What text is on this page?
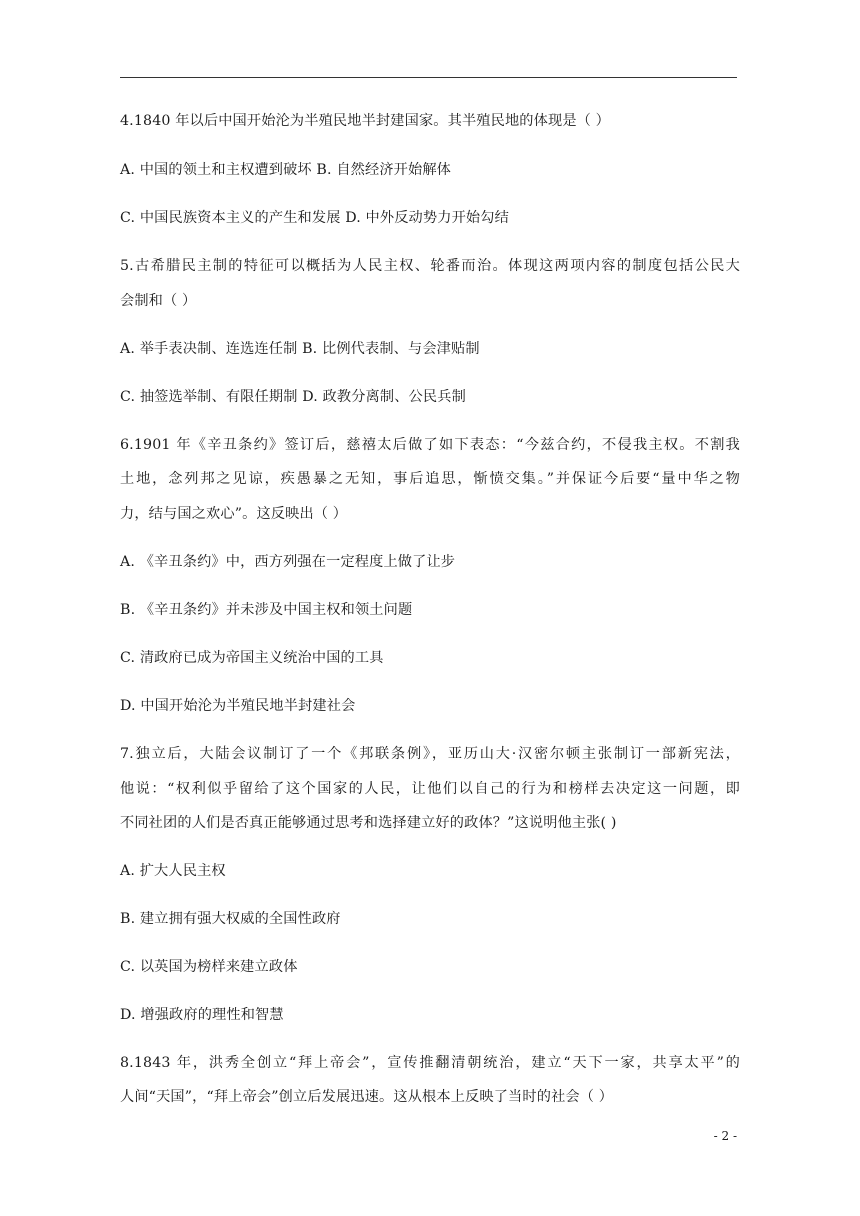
4.1840 年以后中国开始沦为半殖民地半封建国家。其半殖民地的体现是（ ）
A. 中国的领土和主权遭到破坏 B. 自然经济开始解体
C. 中国民族资本主义的产生和发展 D. 中外反动势力开始勾结
5.古希腊民主制的特征可以概括为人民主权、轮番而治。体现这两项内容的制度包括公民大
会制和（ ）
A. 举手表决制、连选连任制 B. 比例代表制、与会津贴制
C. 抽签选举制、有限任期制 D. 政教分离制、公民兵制
6.1901 年《辛丑条约》签订后，慈禧太后做了如下表态：“今兹合约，不侵我主权。不割我
土地，念列邦之见谅，疾愚暴之无知，事后追思，惭愤交集。”并保证今后要“量中华之物
力，结与国之欢心”。这反映出（ ）
A. 《辛丑条约》中，西方列强在一定程度上做了让步
B. 《辛丑条约》并未涉及中国主权和领土问题
C. 清政府已成为帝国主义统治中国的工具
D. 中国开始沦为半殖民地半封建社会
7.独立后，大陆会议制订了一个《邦联条例》，亚历山大·汉密尔顿主张制订一部新宪法，
他说：“权利似乎留给了这个国家的人民，让他们以自己的行为和榜样去决定这一问题，即
不同社团的人们是否真正能够通过思考和选择建立好的政体？”这说明他主张( )
A. 扩大人民主权
B. 建立拥有强大权威的全国性政府
C. 以英国为榜样来建立政体
D. 增强政府的理性和智慧
8.1843 年，洪秀全创立“拜上帝会”，宣传推翻清朝统治，建立“天下一家，共享太平”的
人间“天国”，“拜上帝会”创立后发展迅速。这从根本上反映了当时的社会（ ）
- 2 -
